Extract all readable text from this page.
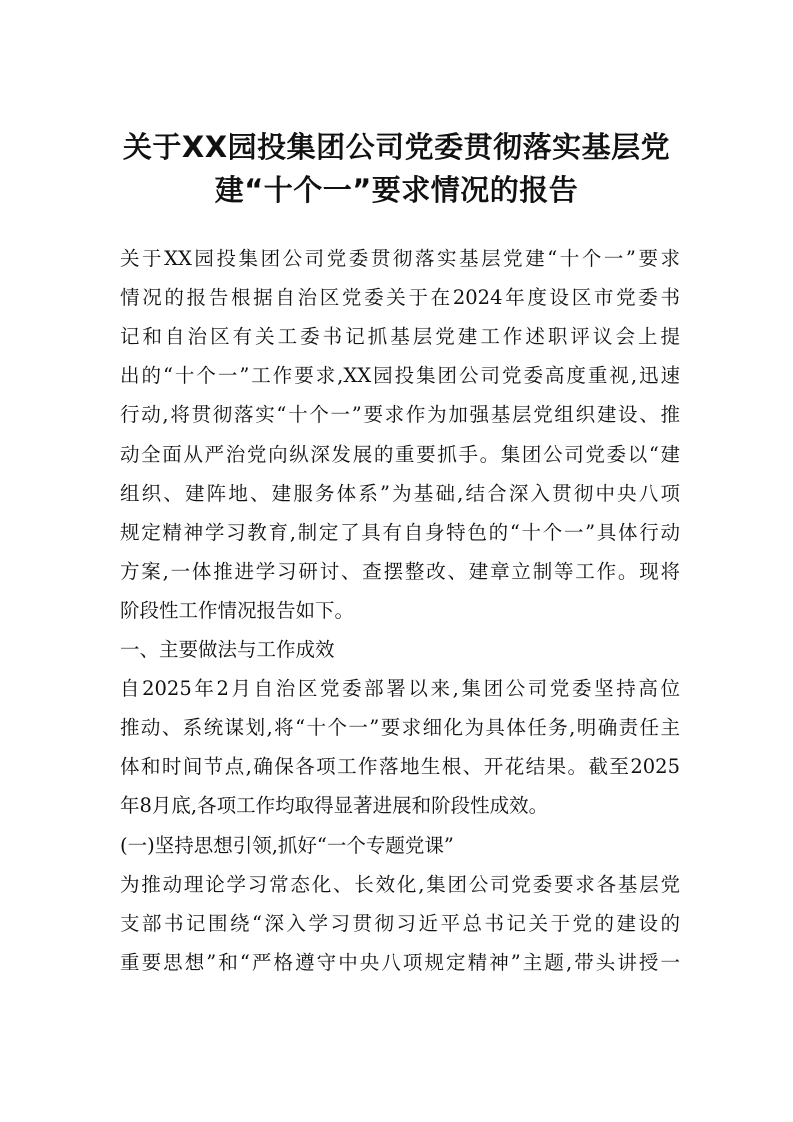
关于XX园投集团公司党委贯彻落实基层党
建“十个一”要求情况的报告

关于XX园投集团公司党委贯彻落实基层党建“十个一”要求

情况的报告根据自治区党委关于在2024年度设区市党委书

记和自治区有关工委书记抓基层党建工作述职评议会上提

出的“十个一”工作要求,XX园投集团公司党委高度重视,迅速

行动,将贯彻落实“十个一”要求作为加强基层党组织建设、推

动全面从严治党向纵深发展的重要抓手。集团公司党委以“建

组织、建阵地、建服务体系”为基础,结合深入贯彻中央八项

规定精神学习教育,制定了具有自身特色的“十个一”具体行动

方案,一体推进学习研讨、查摆整改、建章立制等工作。现将

阶段性工作情况报告如下。

一、主要做法与工作成效

自2025年2月自治区党委部署以来,集团公司党委坚持高位

推动、系统谋划,将“十个一”要求细化为具体任务,明确责任主

体和时间节点,确保各项工作落地生根、开花结果。截至2025

年8月底,各项工作均取得显著进展和阶段性成效。

(一)坚持思想引领,抓好“一个专题党课”

为推动理论学习常态化、长效化,集团公司党委要求各基层党

支部书记围绕“深入学习贯彻习近平总书记关于党的建设的

重要思想”和“严格遵守中央八项规定精神”主题,带头讲授一
